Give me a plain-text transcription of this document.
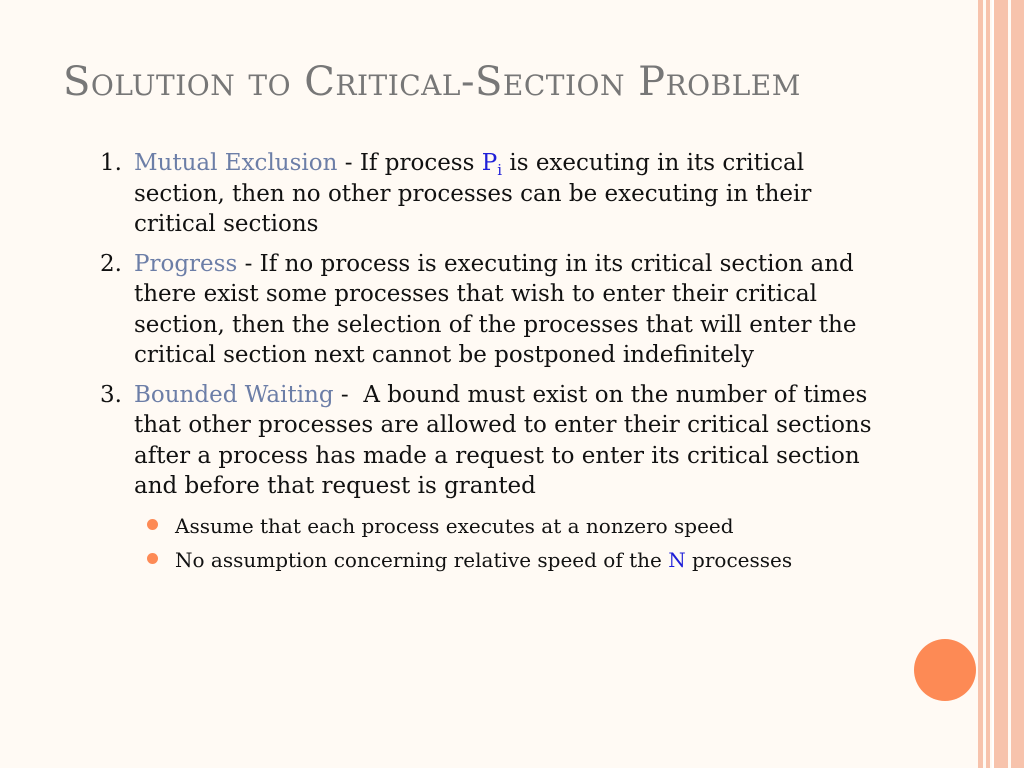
Solution to Critical-Section Problem
1. Mutual Exclusion - If process $P_i$ is executing in its critical section, then no other processes can be executing in their critical sections
2. Progress - If no process is executing in its critical section and there exist some processes that wish to enter their critical section, then the selection of the processes that will enter the critical section next cannot be postponed indefinitely
3. Bounded Waiting -  A bound must exist on the number of times that other processes are allowed to enter their critical sections after a process has made a request to enter its critical section and before that request is granted
Assume that each process executes at a nonzero speed
No assumption concerning relative speed of the N processes
